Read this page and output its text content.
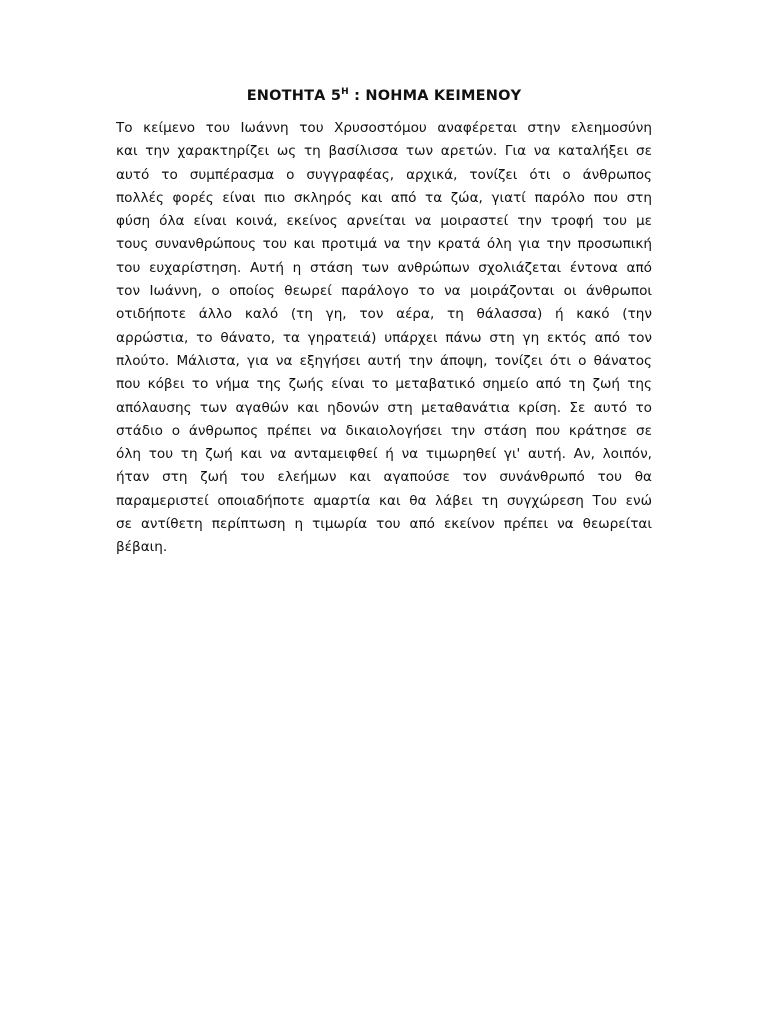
ΕΝΟΤΗΤΑ $5^H$ : ΝΟΗΜΑ ΚΕΙΜΕΝΟΥ
Το κείμενο του Ιωάννη του Χρυσοστόμου αναφέρεται στην ελεημοσύνη
και την χαρακτηρίζει ως τη βασίλισσα των αρετών. Για να καταλήξει σε
αυτό το συμπέρασμα ο συγγραφέας, αρχικά, τονίζει ότι ο άνθρωπος
πολλές φορές είναι πιο σκληρός και από τα ζώα, γιατί παρόλο που στη
φύση όλα είναι κοινά, εκείνος αρνείται να μοιραστεί την τροφή του με
τους συνανθρώπους του και προτιμά να την κρατά όλη για την προσωπική
του ευχαρίστηση. Αυτή η στάση των ανθρώπων σχολιάζεται έντονα από
τον Ιωάννη, ο οποίος θεωρεί παράλογο το να μοιράζονται οι άνθρωποι
οτιδήποτε άλλο καλό (τη γη, τον αέρα, τη θάλασσα) ή κακό (την
αρρώστια, το θάνατο, τα γηρατειά) υπάρχει πάνω στη γη εκτός από τον
πλούτο. Μάλιστα, για να εξηγήσει αυτή την άποψη, τονίζει ότι ο θάνατος
που κόβει το νήμα της ζωής είναι το μεταβατικό σημείο από τη ζωή της
απόλαυσης των αγαθών και ηδονών στη μεταθανάτια κρίση. Σε αυτό το
στάδιο ο άνθρωπος πρέπει να δικαιολογήσει την στάση που κράτησε σε
όλη του τη ζωή και να ανταμειφθεί ή να τιμωρηθεί γι' αυτή. Αν, λοιπόν,
ήταν στη ζωή του ελεήμων και αγαπούσε τον συνάνθρωπό του θα
παραμεριστεί οποιαδήποτε αμαρτία και θα λάβει τη συγχώρεση Του ενώ
σε αντίθετη περίπτωση η τιμωρία του από εκείνον πρέπει να θεωρείται
βέβαιη.
